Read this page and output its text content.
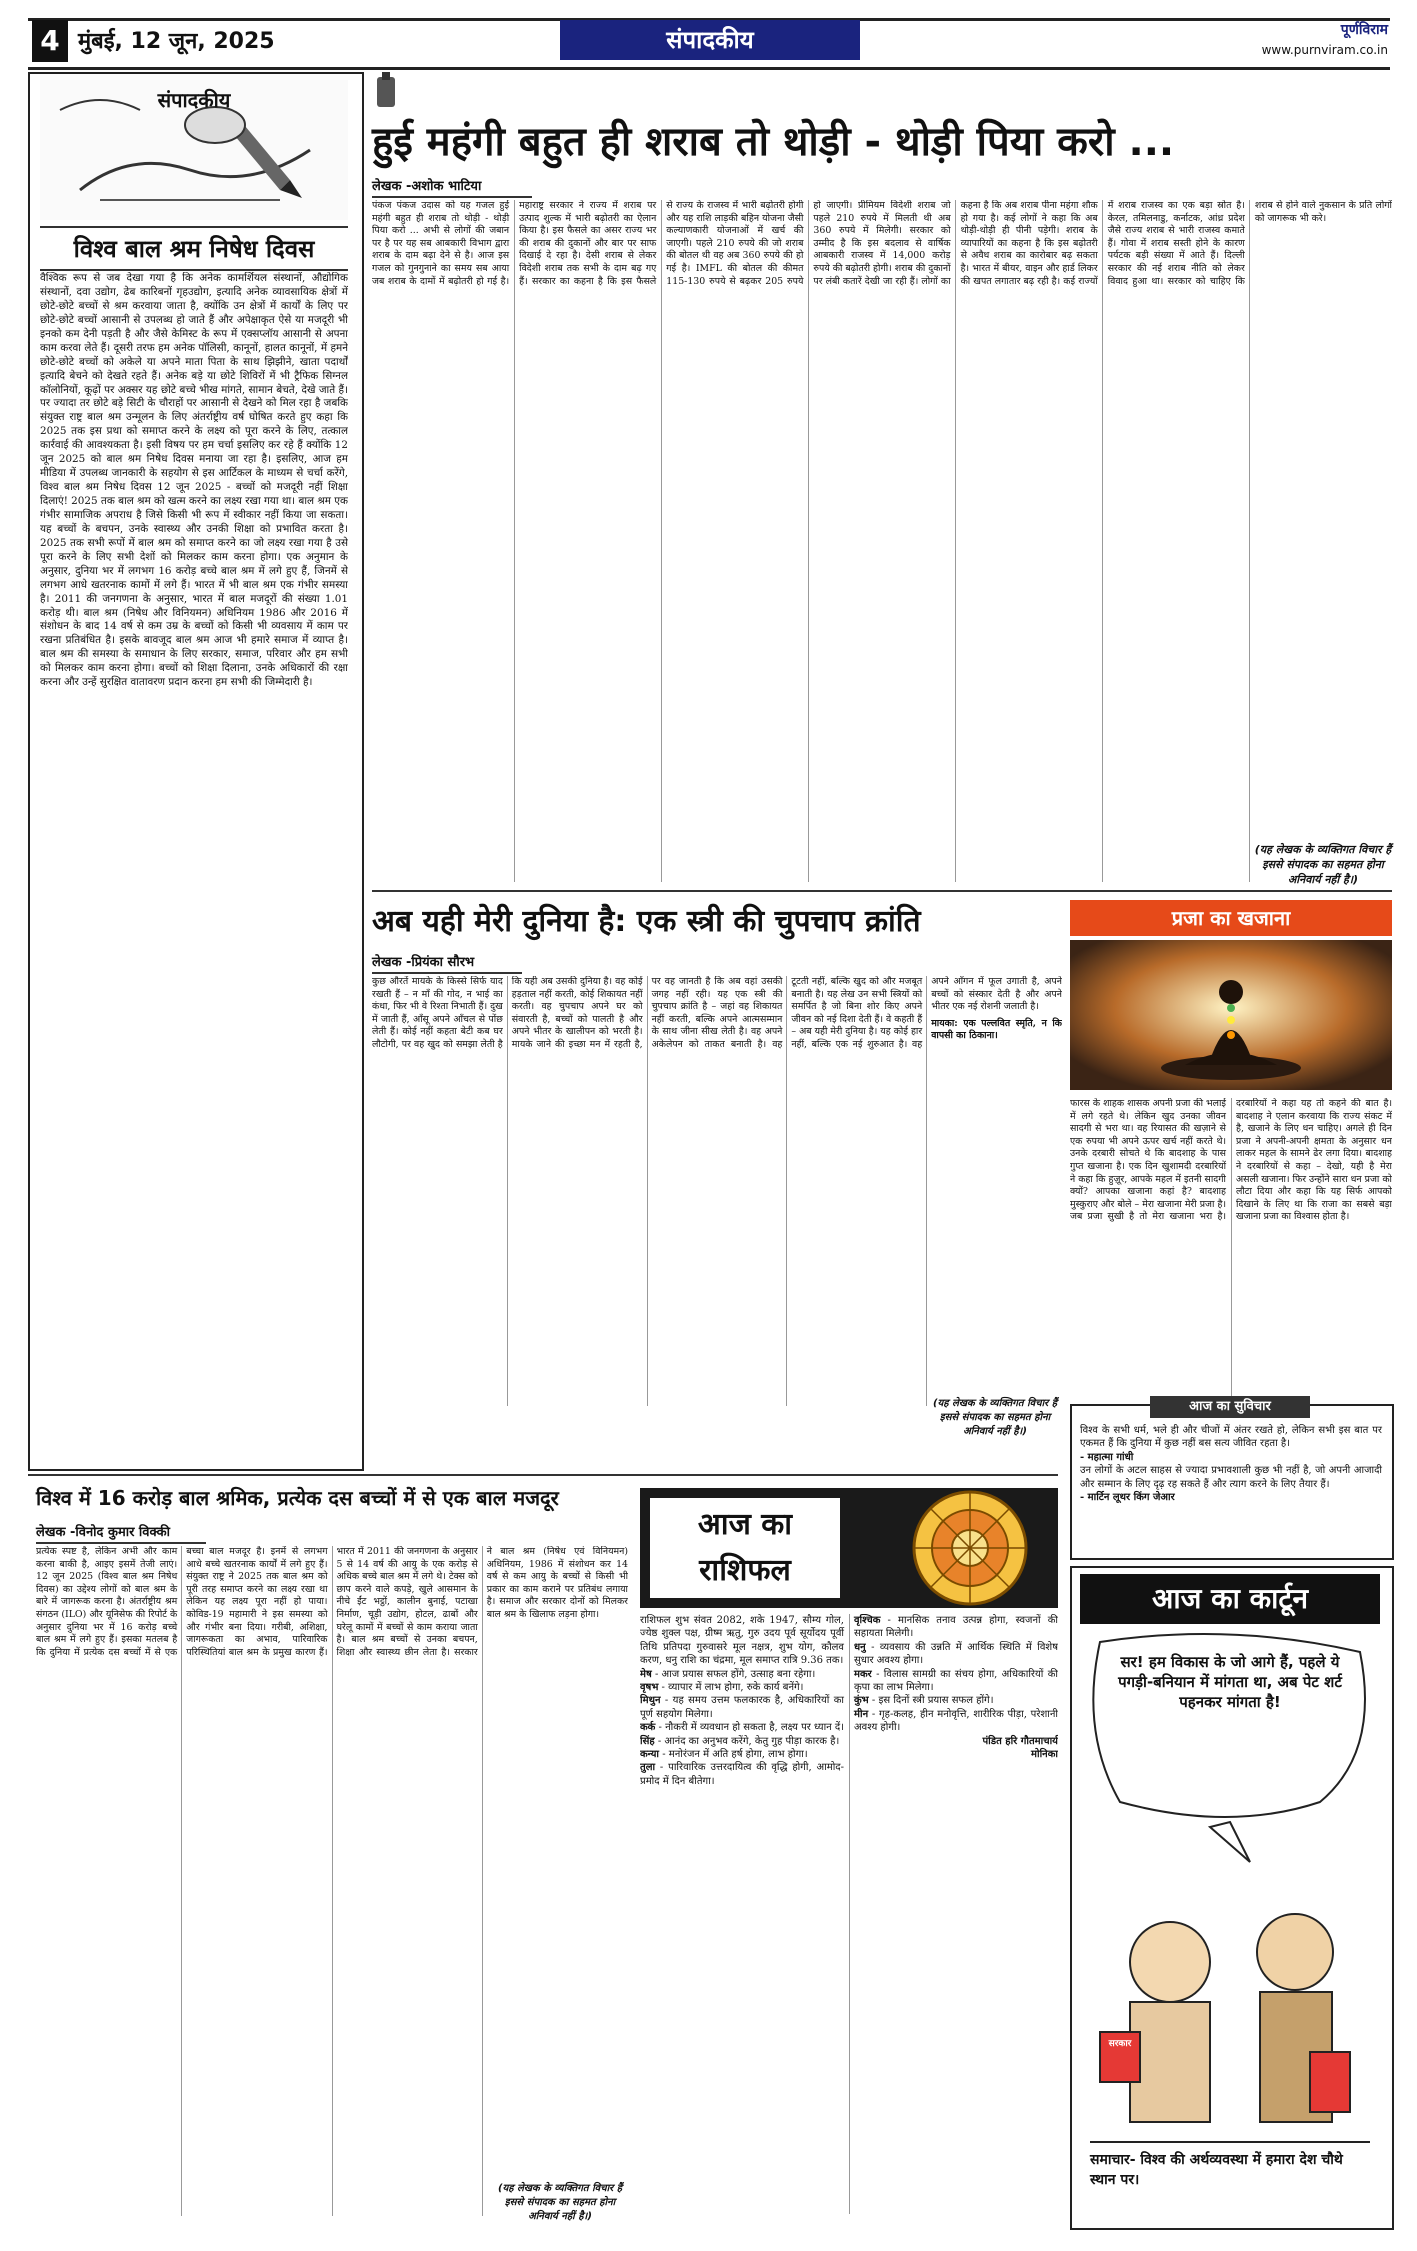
4 मुंबई, 12 जून, 2025	संपादकीय	पूर्णविराम
www.purnviram.co.in
संपादकीय
विश्व बाल श्रम निषेध दिवस
वैश्विक रूप से जब देखा गया है कि अनेक कामर्शियल संस्थानों, औद्योगिक संस्थानों, दवा उद्योग, ढेब कारिबनों गृहउद्योग, इत्यादि अनेक व्यावसायिक क्षेत्रों में छोटे-छोटे बच्चों से श्रम करवाया जाता है, क्योंकि उन क्षेत्रों में कार्यों के लिए पर छोटे-छोटे बच्चों आसानी से उपलब्ध हो जाते हैं और अपेक्षाकृत ऐसे या मजदूरी भी इनको कम देनी पड़ती है और जैसे केमिस्ट के रूप में एक्सप्लॉय आसानी से अपना काम करवा लेते हैं। दूसरी तरफ हम अनेक पॉलिसी, कानूनों, हालत कानूनों, में हमने छोटे-छोटे बच्चों को अकेले या अपने माता पिता के साथ झिझीने, खाता पदार्थों इत्यादि बेचने को देखते रहते हैं। अनेक बड़े या छोटे शिविरों में भी ट्रैफिक सिग्नल कॉलोनियों, कूढ़ों पर अक्सर यह छोटे बच्चे भीख मांगते, सामान बेचते, देखे जाते हैं। पर ज्यादा तर छोटे बड़े सिटी के चौराहों पर आसानी से देखने को मिल रहा है जबकि संयुक्त राष्ट्र बाल श्रम उन्मूलन के लिए अंतर्राष्ट्रीय वर्ष घोषित करते हुए कहा कि 2025 तक इस प्रथा को समाप्त करने के लक्ष्य को पूरा करने के लिए, तत्काल कार्रवाई की आवश्यकता है। इसी विषय पर हम चर्चा इसलिए कर रहे हैं क्योंकि 12 जून 2025 को बाल श्रम निषेध दिवस मनाया जा रहा है। इसलिए, आज हम मीडिया में उपलब्ध जानकारी के सहयोग से इस आर्टिकल के माध्यम से चर्चा करेंगे, विश्व बाल श्रम निषेध दिवस 12 जून 2025 - बच्चों को मजदूरी नहीं शिक्षा दिलाएं! 2025 तक बाल श्रम को खत्म करने का लक्ष्य रखा गया था। बाल श्रम एक गंभीर सामाजिक अपराध है जिसे किसी भी रूप में स्वीकार नहीं किया जा सकता। यह बच्चों के बचपन, उनके स्वास्थ्य और उनकी शिक्षा को प्रभावित करता है। 2025 तक सभी रूपों में बाल श्रम को समाप्त करने का जो लक्ष्य रखा गया है उसे पूरा करने के लिए सभी देशों को मिलकर काम करना होगा। एक अनुमान के अनुसार, दुनिया भर में लगभग 16 करोड़ बच्चे बाल श्रम में लगे हुए हैं, जिनमें से लगभग आधे खतरनाक कामों में लगे हैं। भारत में भी बाल श्रम एक गंभीर समस्या है। 2011 की जनगणना के अनुसार, भारत में बाल मजदूरों की संख्या 1.01 करोड़ थी। बाल श्रम (निषेध और विनियमन) अधिनियम 1986 और 2016 में संशोधन के बाद 14 वर्ष से कम उम्र के बच्चों को किसी भी व्यवसाय में काम पर रखना प्रतिबंधित है। इसके बावजूद बाल श्रम आज भी हमारे समाज में व्याप्त है। बाल श्रम की समस्या के समाधान के लिए सरकार, समाज, परिवार और हम सभी को मिलकर काम करना होगा। बच्चों को शिक्षा दिलाना, उनके अधिकारों की रक्षा करना और उन्हें सुरक्षित वातावरण प्रदान करना हम सभी की जिम्मेदारी है।
हुई महंगी बहुत ही शराब तो थोड़ी - थोड़ी पिया करो ...
लेखक -अशोक भाटिया

पंकज पंकज उदास को यह गजल हुई महंगी बहुत ही शराब तो थोड़ी - थोड़ी पिया करो ... अभी से लोगों की जबान पर है पर यह सब आबकारी विभाग द्वारा शराब के दाम बढ़ा देने से है। आज इस गजल को गुनगुनाने का समय सब आया जब शराब के दामों में बढ़ोतरी हो गई है। महाराष्ट्र सरकार ने राज्य में शराब पर उत्पाद शुल्क में भारी बढ़ोतरी का ऐलान किया है। इस फैसले का असर राज्य भर की शराब की दुकानों और बार पर साफ दिखाई दे रहा है। देसी शराब से लेकर विदेशी शराब तक सभी के दाम बढ़ गए हैं। सरकार का कहना है कि इस फैसले से राज्य के राजस्व में भारी बढ़ोतरी होगी और यह राशि लाड़की बहिन योजना जैसी कल्याणकारी योजनाओं में खर्च की जाएगी। पहले 210 रुपये की जो शराब की बोतल थी वह अब 360 रुपये की हो गई है। IMFL की बोतल की कीमत 115-130 रुपये से बढ़कर 205 रुपये हो जाएगी। प्रीमियम विदेशी शराब जो पहले 210 रुपये में मिलती थी अब 360 रुपये में मिलेगी। सरकार को उम्मीद है कि इस बदलाव से वार्षिक आबकारी राजस्व में 14,000 करोड़ रुपये की बढ़ोतरी होगी। शराब की दुकानों पर लंबी कतारें देखी जा रही हैं। लोगों का कहना है कि अब शराब पीना महंगा शौक हो गया है। कई लोगों ने कहा कि अब थोड़ी-थोड़ी ही पीनी पड़ेगी। शराब के व्यापारियों का कहना है कि इस बढ़ोतरी से अवैध शराब का कारोबार बढ़ सकता है। भारत में बीयर, वाइन और हार्ड लिकर की खपत लगातार बढ़ रही है। कई राज्यों में शराब राजस्व का एक बड़ा स्रोत है। केरल, तमिलनाडु, कर्नाटक, आंध्र प्रदेश जैसे राज्य शराब से भारी राजस्व कमाते हैं। गोवा में शराब सस्ती होने के कारण पर्यटक बड़ी संख्या में आते हैं। दिल्ली सरकार की नई शराब नीति को लेकर विवाद हुआ था। सरकार को चाहिए कि शराब से होने वाले नुकसान के प्रति लोगों को जागरूक भी करे।

(यह लेखक के व्यक्तिगत विचार हैं इससे संपादक का सहमत होना अनिवार्य नहीं है।)
अब यही मेरी दुनिया है: एक स्त्री की चुपचाप क्रांति
लेखक -प्रियंका सौरभ

कुछ औरतें मायके के किस्से सिर्फ याद रखती हैं – न माँ की गोद, न भाई का कंधा, फिर भी वे रिश्ता निभाती हैं। दुख में जाती हैं, आँसू अपने आँचल से पोंछ लेती हैं। कोई नहीं कहता बेटी कब घर लौटोगी, पर वह खुद को समझा लेती है कि यही अब उसकी दुनिया है। वह कोई हड़ताल नहीं करती, कोई शिकायत नहीं करती। वह चुपचाप अपने घर को संवारती है, बच्चों को पालती है और अपने भीतर के खालीपन को भरती है। मायके जाने की इच्छा मन में रहती है, पर वह जानती है कि अब वहां उसकी जगह नहीं रही। यह एक स्त्री की चुपचाप क्रांति है – जहां वह शिकायत नहीं करती, बल्कि अपने आत्मसम्मान के साथ जीना सीख लेती है। वह अपने अकेलेपन को ताकत बनाती है। वह टूटती नहीं, बल्कि खुद को और मजबूत बनाती है। यह लेख उन सभी स्त्रियों को समर्पित है जो बिना शोर किए अपने जीवन को नई दिशा देती हैं। वे कहती हैं – अब यही मेरी दुनिया है। यह कोई हार नहीं, बल्कि एक नई शुरुआत है। वह अपने आँगन में फूल उगाती है, अपने बच्चों को संस्कार देती है और अपने भीतर एक नई रोशनी जलाती है।

मायका: एक पल्लवित स्मृति, न कि वापसी का ठिकाना।

(यह लेखक के व्यक्तिगत विचार हैं इससे संपादक का सहमत होना अनिवार्य नहीं है।)
प्रजा का खजाना

फारस के शाहक शासक अपनी प्रजा की भलाई में लगे रहते थे। लेकिन खुद उनका जीवन सादगी से भरा था। वह रियासत की खज़ाने से एक रुपया भी अपने ऊपर खर्च नहीं करते थे। उनके दरबारी सोचते थे कि बादशाह के पास गुप्त खजाना है। एक दिन खुशामदी दरबारियों ने कहा कि हुज़ूर, आपके महल में इतनी सादगी क्यों? आपका खजाना कहां है? बादशाह मुस्कुराए और बोले – मेरा खजाना मेरी प्रजा है। जब प्रजा सुखी है तो मेरा खजाना भरा है। दरबारियों ने कहा यह तो कहने की बात है। बादशाह ने एलान करवाया कि राज्य संकट में है, खजाने के लिए धन चाहिए। अगले ही दिन प्रजा ने अपनी-अपनी क्षमता के अनुसार धन लाकर महल के सामने ढेर लगा दिया। बादशाह ने दरबारियों से कहा – देखो, यही है मेरा असली खजाना। फिर उन्होंने सारा धन प्रजा को लौटा दिया और कहा कि यह सिर्फ आपको दिखाने के लिए था कि राजा का सबसे बड़ा खजाना प्रजा का विश्वास होता है।

आज का सुविचार

विश्व के सभी धर्म, भले ही और चीजों में अंतर रखते हो, लेकिन सभी इस बात पर एकमत हैं कि दुनिया में कुछ नहीं बस सत्य जीवित रहता है।

- महात्मा गांधी

उन लोगों के अटल साहस से ज्यादा प्रभावशाली कुछ भी नहीं है, जो अपनी आजादी और सम्मान के लिए दृढ़ रह सकते हैं और त्याग करने के लिए तैयार हैं।

- मार्टिन लूथर किंग जेआर

विश्व में 16 करोड़ बाल श्रमिक, प्रत्येक दस बच्चों में से एक बाल मजदूर
लेखक -विनोद कुमार विक्की

प्रत्येक स्पष्ट है, लेकिन अभी और काम करना बाकी है, आइए इसमें तेजी लाएं। 12 जून 2025 (विश्व बाल श्रम निषेध दिवस) का उद्देश्य लोगों को बाल श्रम के बारे में जागरूक करना है। अंतर्राष्ट्रीय श्रम संगठन (ILO) और यूनिसेफ की रिपोर्ट के अनुसार दुनिया भर में 16 करोड़ बच्चे बाल श्रम में लगे हुए हैं। इसका मतलब है कि दुनिया में प्रत्येक दस बच्चों में से एक बच्चा बाल मजदूर है। इनमें से लगभग आधे बच्चे खतरनाक कार्यों में लगे हुए हैं। संयुक्त राष्ट्र ने 2025 तक बाल श्रम को पूरी तरह समाप्त करने का लक्ष्य रखा था लेकिन यह लक्ष्य पूरा नहीं हो पाया। कोविड-19 महामारी ने इस समस्या को और गंभीर बना दिया। गरीबी, अशिक्षा, जागरूकता का अभाव, पारिवारिक परिस्थितियां बाल श्रम के प्रमुख कारण हैं। भारत में 2011 की जनगणना के अनुसार 5 से 14 वर्ष की आयु के एक करोड़ से अधिक बच्चे बाल श्रम में लगे थे। टेक्स को छाप करने वाले कपड़े, खुले आसमान के नीचे ईंट भट्ठों, कालीन बुनाई, पटाखा निर्माण, चूड़ी उद्योग, होटल, ढाबों और घरेलू कामों में बच्चों से काम कराया जाता है। बाल श्रम बच्चों से उनका बचपन, शिक्षा और स्वास्थ्य छीन लेता है। सरकार ने बाल श्रम (निषेध एवं विनियमन) अधिनियम, 1986 में संशोधन कर 14 वर्ष से कम आयु के बच्चों से किसी भी प्रकार का काम कराने पर प्रतिबंध लगाया है। समाज और सरकार दोनों को मिलकर बाल श्रम के खिलाफ लड़ना होगा।

(यह लेखक के व्यक्तिगत विचार हैं इससे संपादक का सहमत होना अनिवार्य नहीं है।)
आज का राशिफल

राशिफल शुभ संवत 2082, शके 1947, सौम्य गोल, ज्येष्ठ शुक्ल पक्ष, ग्रीष्म ऋतु, गुरु उदय पूर्व सूर्योदय पूर्वी तिथि प्रतिपदा गुरुवासरे मूल नक्षत्र, शुभ योग, कौलव करण, धनु राशि का चंद्रमा, मूल समाप्त रात्रि 9.36 तक।

मेष - आज प्रयास सफल होंगे, उत्साह बना रहेगा।

वृषभ - व्यापार में लाभ होगा, रुके कार्य बनेंगे।

मिथुन - यह समय उत्तम फलकारक है, अधिकारियों का पूर्ण सहयोग मिलेगा।

कर्क - नौकरी में व्यवधान हो सकता है, लक्ष्य पर ध्यान दें।

सिंह - आनंद का अनुभव करेंगे, केतु गुह पीड़ा कारक है।

कन्या - मनोरंजन में अति हर्ष होगा, लाभ होगा।

तुला - पारिवारिक उत्तरदायित्व की वृद्धि होगी, आमोद-प्रमोद में दिन बीतेगा।

वृश्चिक - मानसिक तनाव उत्पन्न होगा, स्वजनों की सहायता मिलेगी।

धनु - व्यवसाय की उन्नति में आर्थिक स्थिति में विशेष सुधार अवश्य होगा।

मकर - विलास सामग्री का संचय होगा, अधिकारियों की कृपा का लाभ मिलेगा।

कुंभ - इस दिनों स्त्री प्रयास सफल होंगे।

मीन - गृह-कलह, हीन मनोवृत्ति, शारीरिक पीड़ा, परेशानी अवश्य होगी।

पंडित हरि गौतमाचार्य

मोनिका

आज का कार्टून
सर! हम विकास के जो आगे हैं, पहले ये पगड़ी-बनियान में मांगता था, अब पेट शर्ट पहनकर मांगता है!
सरकार
समाचार- विश्व की अर्थव्यवस्था में हमारा देश चौथे स्थान पर।
